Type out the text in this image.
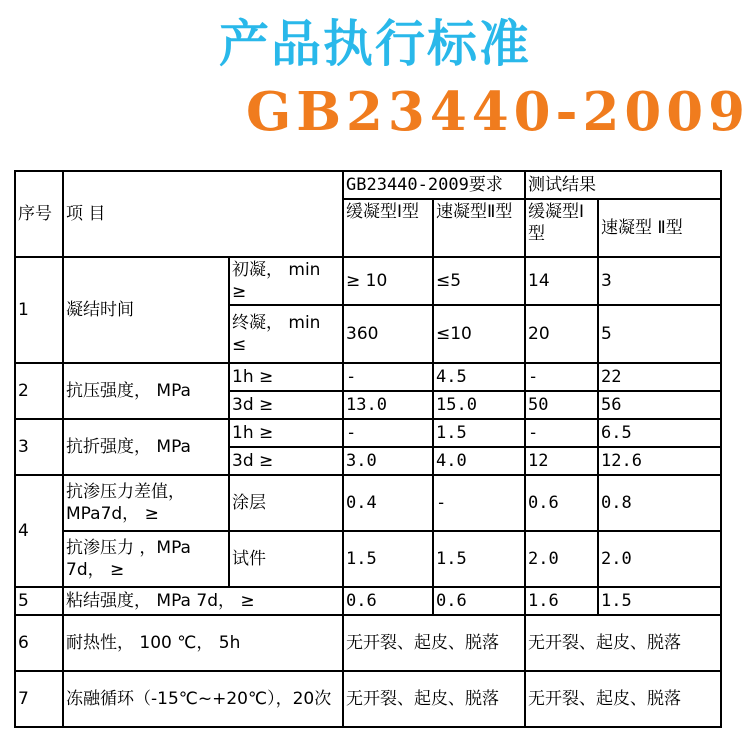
产品执行标准
GB23440-2009
序号	项 目		GB23440-2009要求		测试结果	
			缓凝型Ⅰ型	速凝型Ⅱ型	缓凝型Ⅰ型	速凝型 Ⅱ型
1	凝结时间	初凝， min ≥	≥ 10	≤5	14	3
		终凝， min ≤	360	≤10	20	5
2	抗压强度， MPa	1h ≥	-	4.5	-	22
		3d ≥	13.0	15.0	50	56
3	抗折强度， MPa	1h ≥	-	1.5	-	6.5
		3d ≥	3.0	4.0	12	12.6
4	抗渗压力差值， MPa7d， ≥	涂层	0.4	-	0.6	0.8
	抗渗压力 ，MPa 7d， ≥	试件	1.5	1.5	2.0	2.0
5	粘结强度， MPa 7d， ≥		0.6	0.6	1.6	1.5
6	耐热性， 100 ℃， 5h		无开裂、起皮、脱落		无开裂、起皮、脱落	
7	冻融循环（-15℃~+20℃），20次		无开裂、起皮、脱落		无开裂、起皮、脱落	
